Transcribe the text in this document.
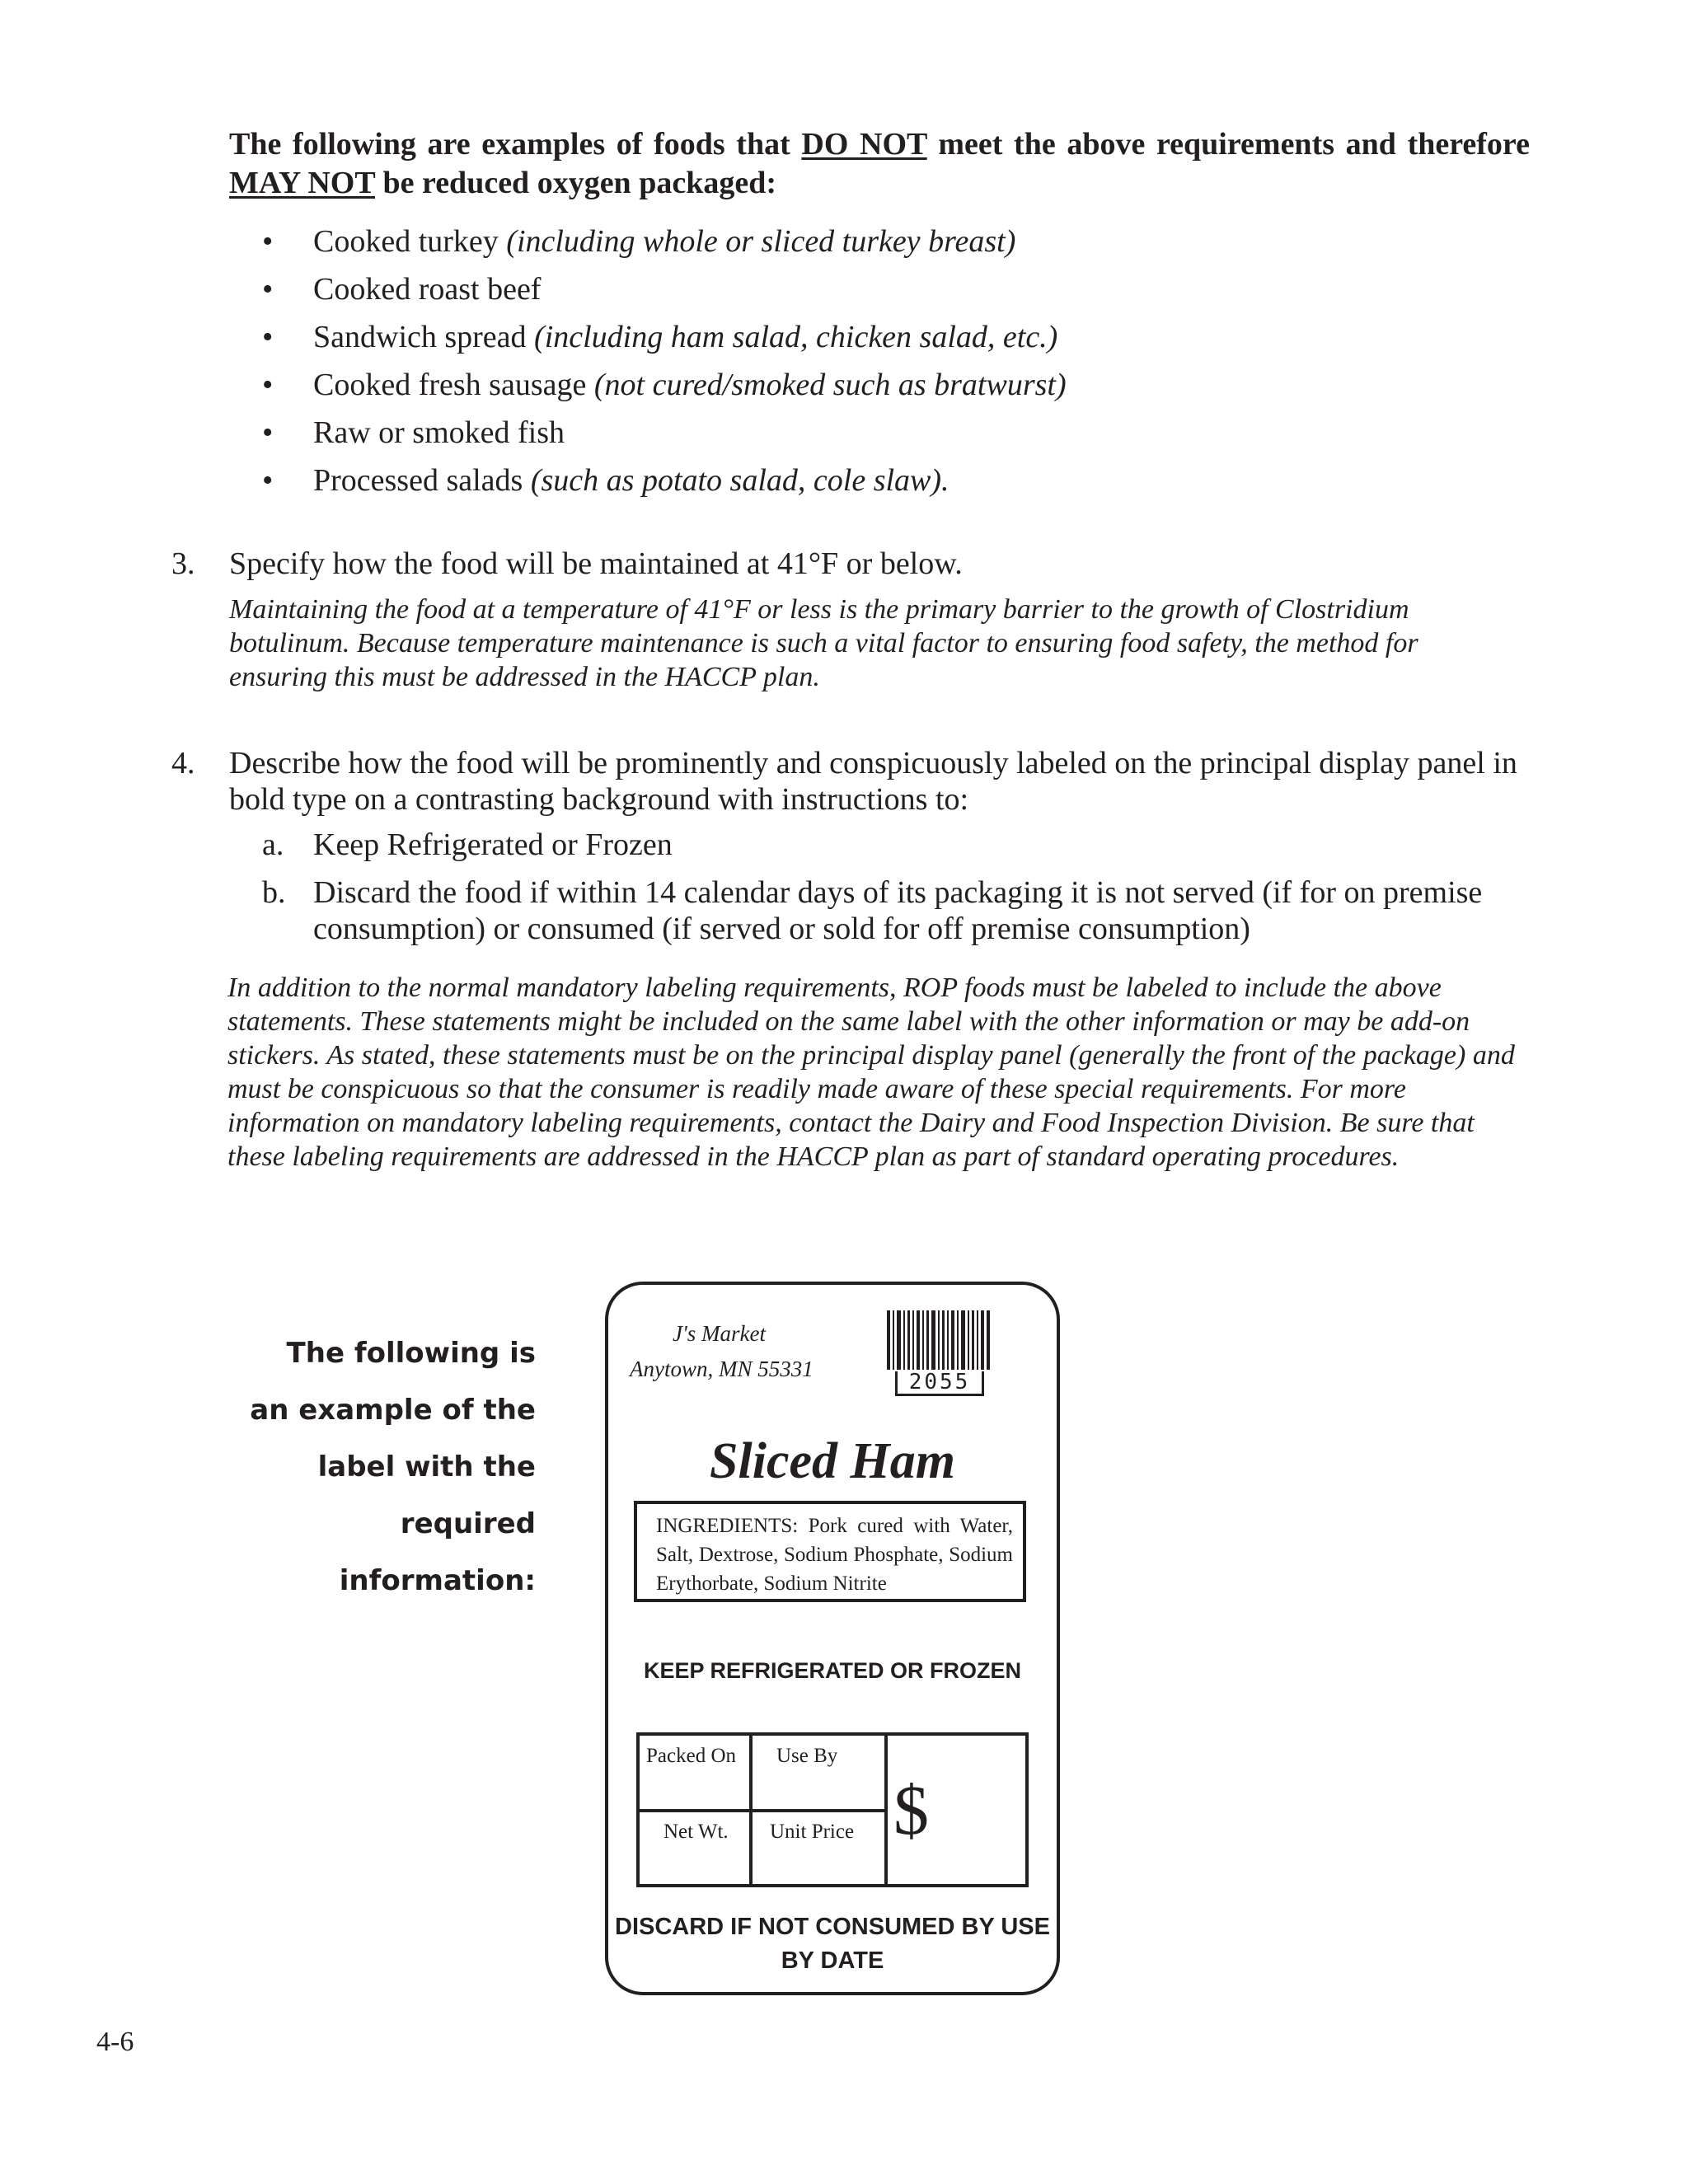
The following are examples of foods that DO NOT meet the above requirements and therefore MAY NOT be reduced oxygen packaged:
• Cooked turkey (including whole or sliced turkey breast)
• Cooked roast beef
• Sandwich spread (including ham salad, chicken salad, etc.)
• Cooked fresh sausage (not cured/smoked such as bratwurst)
• Raw or smoked fish
• Processed salads (such as potato salad, cole slaw).
3. Specify how the food will be maintained at 41°F or below.
Maintaining the food at a temperature of 41°F or less is the primary barrier to the growth of Clostridium botulinum. Because temperature maintenance is such a vital factor to ensuring food safety, the method for ensuring this must be addressed in the HACCP plan.
4. Describe how the food will be prominently and conspicuously labeled on the principal display panel in bold type on a contrasting background with instructions to:
a. Keep Refrigerated or Frozen
b. Discard the food if within 14 calendar days of its packaging it is not served (if for on premise consumption) or consumed (if served or sold for off premise consumption)
In addition to the normal mandatory labeling requirements, ROP foods must be labeled to include the above statements. These statements might be included on the same label with the other information or may be add-on stickers. As stated, these statements must be on the principal display panel (generally the front of the package) and must be conspicuous so that the consumer is readily made aware of these special requirements. For more information on mandatory labeling requirements, contact the Dairy and Food Inspection Division. Be sure that these labeling requirements are addressed in the HACCP plan as part of standard operating procedures.
The following is
an example of the
label with the
required information:
J's Market
Anytown, MN 55331
2055
Sliced Ham
INGREDIENTS: Pork cured with Water, Salt, Dextrose, Sodium Phosphate, Sodium Erythorbate, Sodium Nitrite
KEEP REFRIGERATED OR FROZEN
Packed On Use By
Net Wt. Unit Price $
DISCARD IF NOT CONSUMED BY USE BY DATE
4-6
